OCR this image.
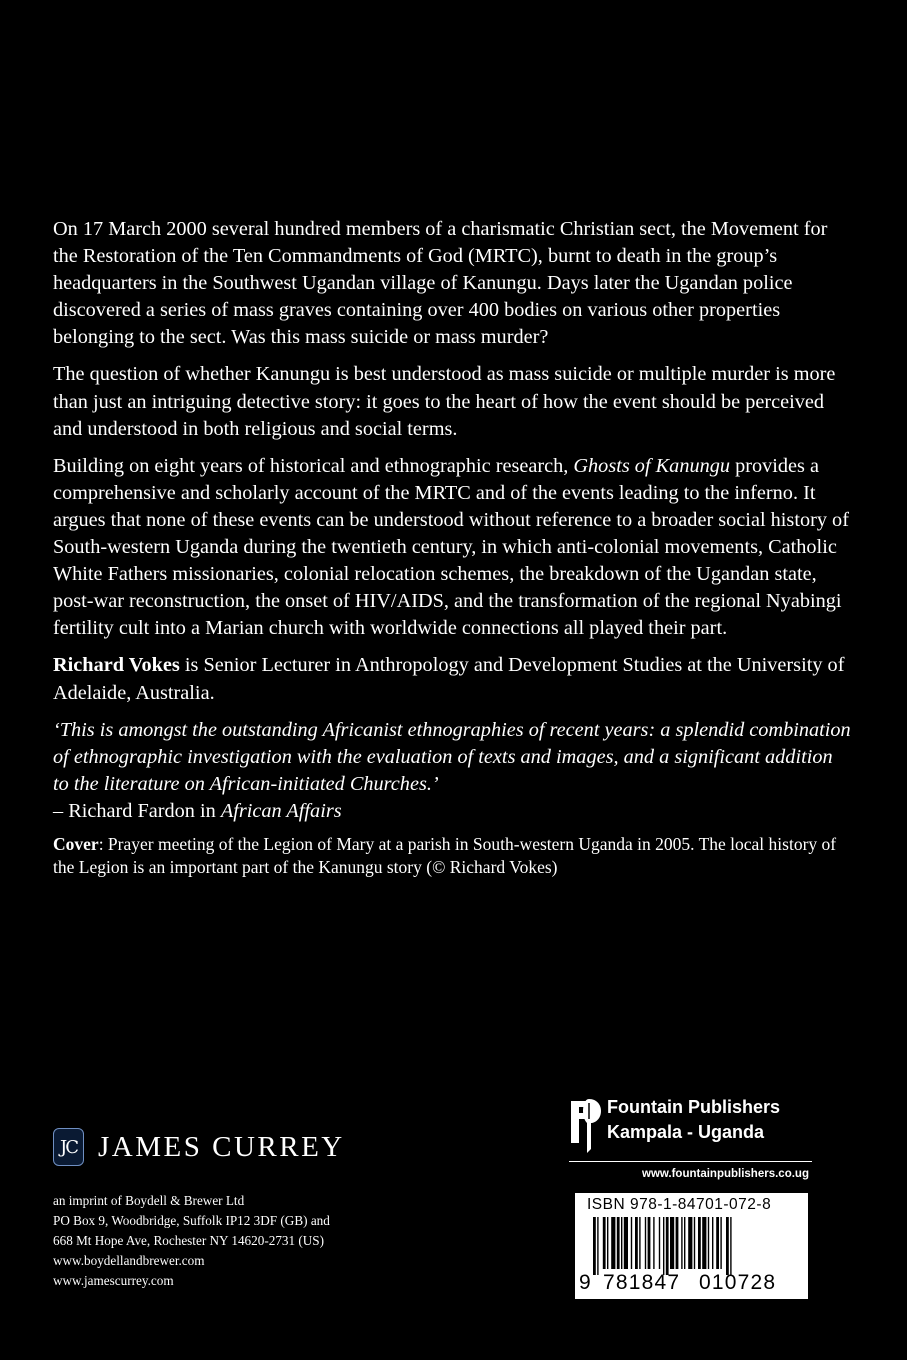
On 17 March 2000 several hundred members of a charismatic Christian sect, the Movement for the Restoration of the Ten Commandments of God (MRTC), burnt to death in the group’s headquarters in the Southwest Ugandan village of Kanungu. Days later the Ugandan police discovered a series of mass graves containing over 400 bodies on various other properties belonging to the sect. Was this mass suicide or mass murder?

The question of whether Kanungu is best understood as mass suicide or multiple murder is more than just an intriguing detective story: it goes to the heart of how the event should be perceived and understood in both religious and social terms.

Building on eight years of historical and ethnographic research, Ghosts of Kanungu provides a comprehensive and scholarly account of the MRTC and of the events leading to the inferno. It argues that none of these events can be understood without reference to a broader social history of South-western Uganda during the twentieth century, in which anti-colonial movements, Catholic White Fathers missionaries, colonial relocation schemes, the breakdown of the Ugandan state, post-war reconstruction, the onset of HIV/AIDS, and the transformation of the regional Nyabingi fertility cult into a Marian church with worldwide connections all played their part.

Richard Vokes is Senior Lecturer in Anthropology and Development Studies at the University of Adelaide, Australia.

‘This is amongst the outstanding Africanist ethnographies of recent years: a splendid combination of ethnographic investigation with the evaluation of texts and images, and a significant addition to the literature on African-initiated Churches.’

– Richard Fardon in African Affairs

Cover: Prayer meeting of the Legion of Mary at a parish in South-western Uganda in 2005. The local history of the Legion is an important part of the Kanungu story (© Richard Vokes)

JC JAMES CURREY
an imprint of Boydell & Brewer Ltd
PO Box 9, Woodbridge, Suffolk IP12 3DF (GB) and
668 Mt Hope Ave, Rochester NY 14620-2731 (US)
www.boydellandbrewer.com
www.jamescurrey.com
Fountain Publishers
Kampala - Uganda
www.fountainpublishers.co.ug
ISBN 978-1-84701-072-8
9 781847 010728
